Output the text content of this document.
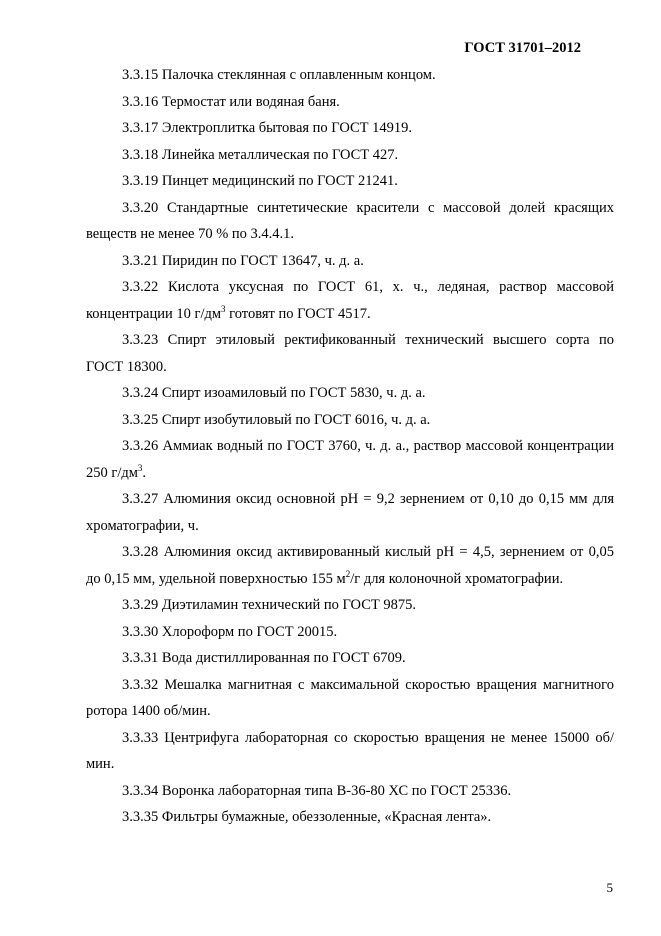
ГОСТ 31701–2012

3.3.15 Палочка стеклянная с оплавленным концом.

3.3.16 Термостат или водяная баня.

3.3.17 Электроплитка бытовая по ГОСТ 14919.

3.3.18 Линейка металлическая по ГОСТ 427.

3.3.19 Пинцет медицинский по ГОСТ 21241.

3.3.20 Стандартные синтетические красители с массовой долей красящих веществ не менее 70 % по 3.4.4.1.

3.3.21 Пиридин по ГОСТ 13647, ч. д. а.

3.3.22 Кислота уксусная по ГОСТ 61, х. ч., ледяная, раствор массовой концентрации 10 $г/дм^3$ готовят по ГОСТ 4517.

3.3.23 Спирт этиловый ректификованный технический высшего сорта по ГОСТ 18300.

3.3.24 Спирт изоамиловый по ГОСТ 5830, ч. д. а.

3.3.25 Спирт изобутиловый по ГОСТ 6016, ч. д. а.

3.3.26 Аммиак водный по ГОСТ 3760, ч. д. а., раствор массовой концентрации 250 $г/дм^3$.

3.3.27 Алюминия оксид основной pH = 9,2 зернением от 0,10 до 0,15 мм для хроматографии, ч.

3.3.28 Алюминия оксид активированный кислый pH = 4,5, зернением от 0,05 до 0,15 мм, удельной поверхностью 155 $м^2/г$ для колоночной хроматографии.

3.3.29 Диэтиламин технический по ГОСТ 9875.

3.3.30 Хлороформ по ГОСТ 20015.

3.3.31 Вода дистиллированная по ГОСТ 6709.

3.3.32 Мешалка магнитная с максимальной скоростью вращения магнитного ротора 1400 об/мин.

3.3.33 Центрифуга лабораторная со скоростью вращения не менее 15000 об/мин.

3.3.34 Воронка лабораторная типа В-36-80 ХС по ГОСТ 25336.

3.3.35 Фильтры бумажные, обеззоленные, «Красная лента».

5
